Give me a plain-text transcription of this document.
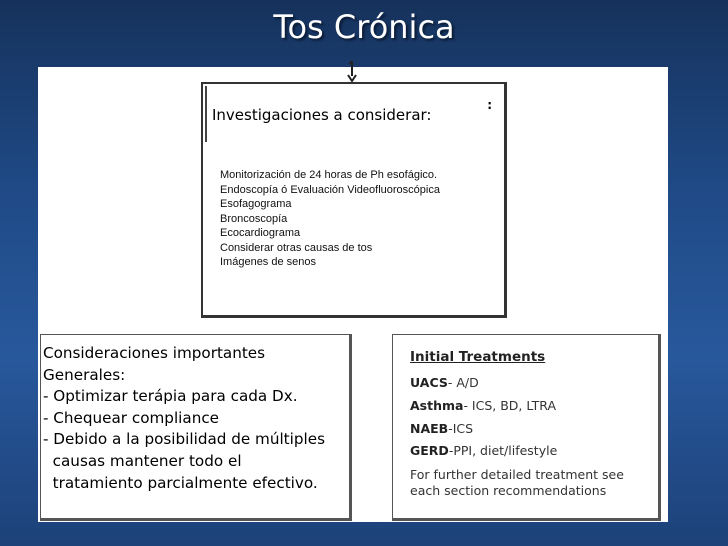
Tos Crónica
Investigaciones a considerar:
:
Monitorización de 24 horas de Ph esofágico.
Endoscopía ó Evaluación Videofluoroscópica
Esofagograma
Broncoscopía
Ecocardiograma
Considerar otras causas de tos
Imágenes de senos
Consideraciones importantes
Generales:
- Optimizar terápia para cada Dx.
- Chequear compliance
- Debido a la posibilidad de múltiples
causas mantener todo el
tratamiento parcialmente efectivo.
Initial Treatments
UACS- A/D
Asthma- ICS, BD, LTRA
NAEB-ICS
GERD-PPI, diet/lifestyle
For further detailed treatment see each section recommendations
